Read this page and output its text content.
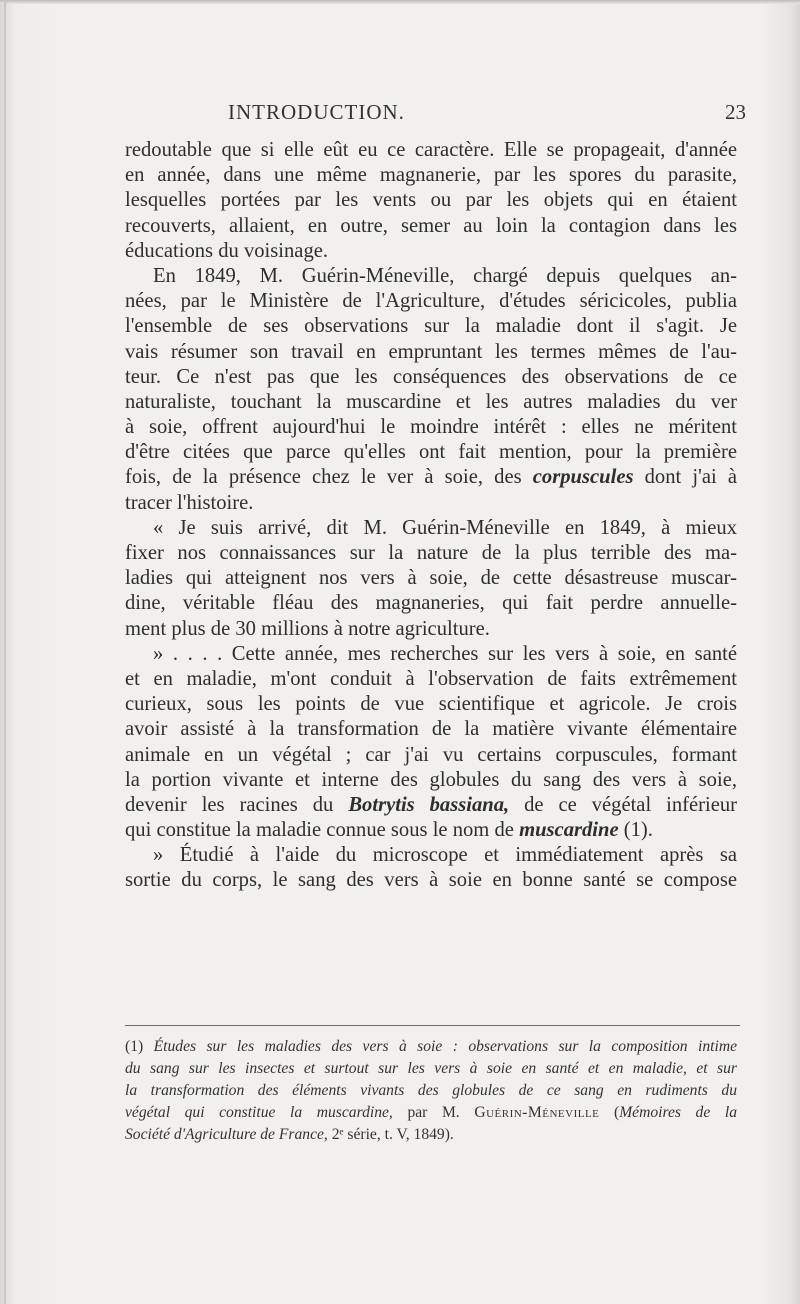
INTRODUCTION.	23
redoutable que si elle eût eu ce caractère. Elle se propageait, d'année
en année, dans une même magnanerie, par les spores du parasite,
lesquelles portées par les vents ou par les objets qui en étaient
recouverts, allaient, en outre, semer au loin la contagion dans les
éducations du voisinage.
En 1849, M. Guérin-Méneville, chargé depuis quelques an-
nées, par le Ministère de l'Agriculture, d'études séricicoles, publia
l'ensemble de ses observations sur la maladie dont il s'agit. Je
vais résumer son travail en empruntant les termes mêmes de l'au-
teur. Ce n'est pas que les conséquences des observations de ce
naturaliste, touchant la muscardine et les autres maladies du ver
à soie, offrent aujourd'hui le moindre intérêt : elles ne méritent
d'être citées que parce qu'elles ont fait mention, pour la première
fois, de la présence chez le ver à soie, des corpuscules dont j'ai à
tracer l'histoire.
« Je suis arrivé, dit M. Guérin-Méneville en 1849, à mieux
fixer nos connaissances sur la nature de la plus terrible des ma-
ladies qui atteignent nos vers à soie, de cette désastreuse muscar-
dine, véritable fléau des magnaneries, qui fait perdre annuelle-
ment plus de 30 millions à notre agriculture.
» . . . . Cette année, mes recherches sur les vers à soie, en santé
et en maladie, m'ont conduit à l'observation de faits extrêmement
curieux, sous les points de vue scientifique et agricole. Je crois
avoir assisté à la transformation de la matière vivante élémentaire
animale en un végétal ; car j'ai vu certains corpuscules, formant
la portion vivante et interne des globules du sang des vers à soie,
devenir les racines du Botrytis bassiana, de ce végétal inférieur
qui constitue la maladie connue sous le nom de muscardine (1).
» Étudié à l'aide du microscope et immédiatement après sa
sortie du corps, le sang des vers à soie en bonne santé se compose
(1) Études sur les maladies des vers à soie : observations sur la composition intime
du sang sur les insectes et surtout sur les vers à soie en santé et en maladie, et sur
la transformation des éléments vivants des globules de ce sang en rudiments du
végétal qui constitue la muscardine, par M. Guérin-Méneville (Mémoires de la
Société d'Agriculture de France, 2ᵉ série, t. V, 1849).
